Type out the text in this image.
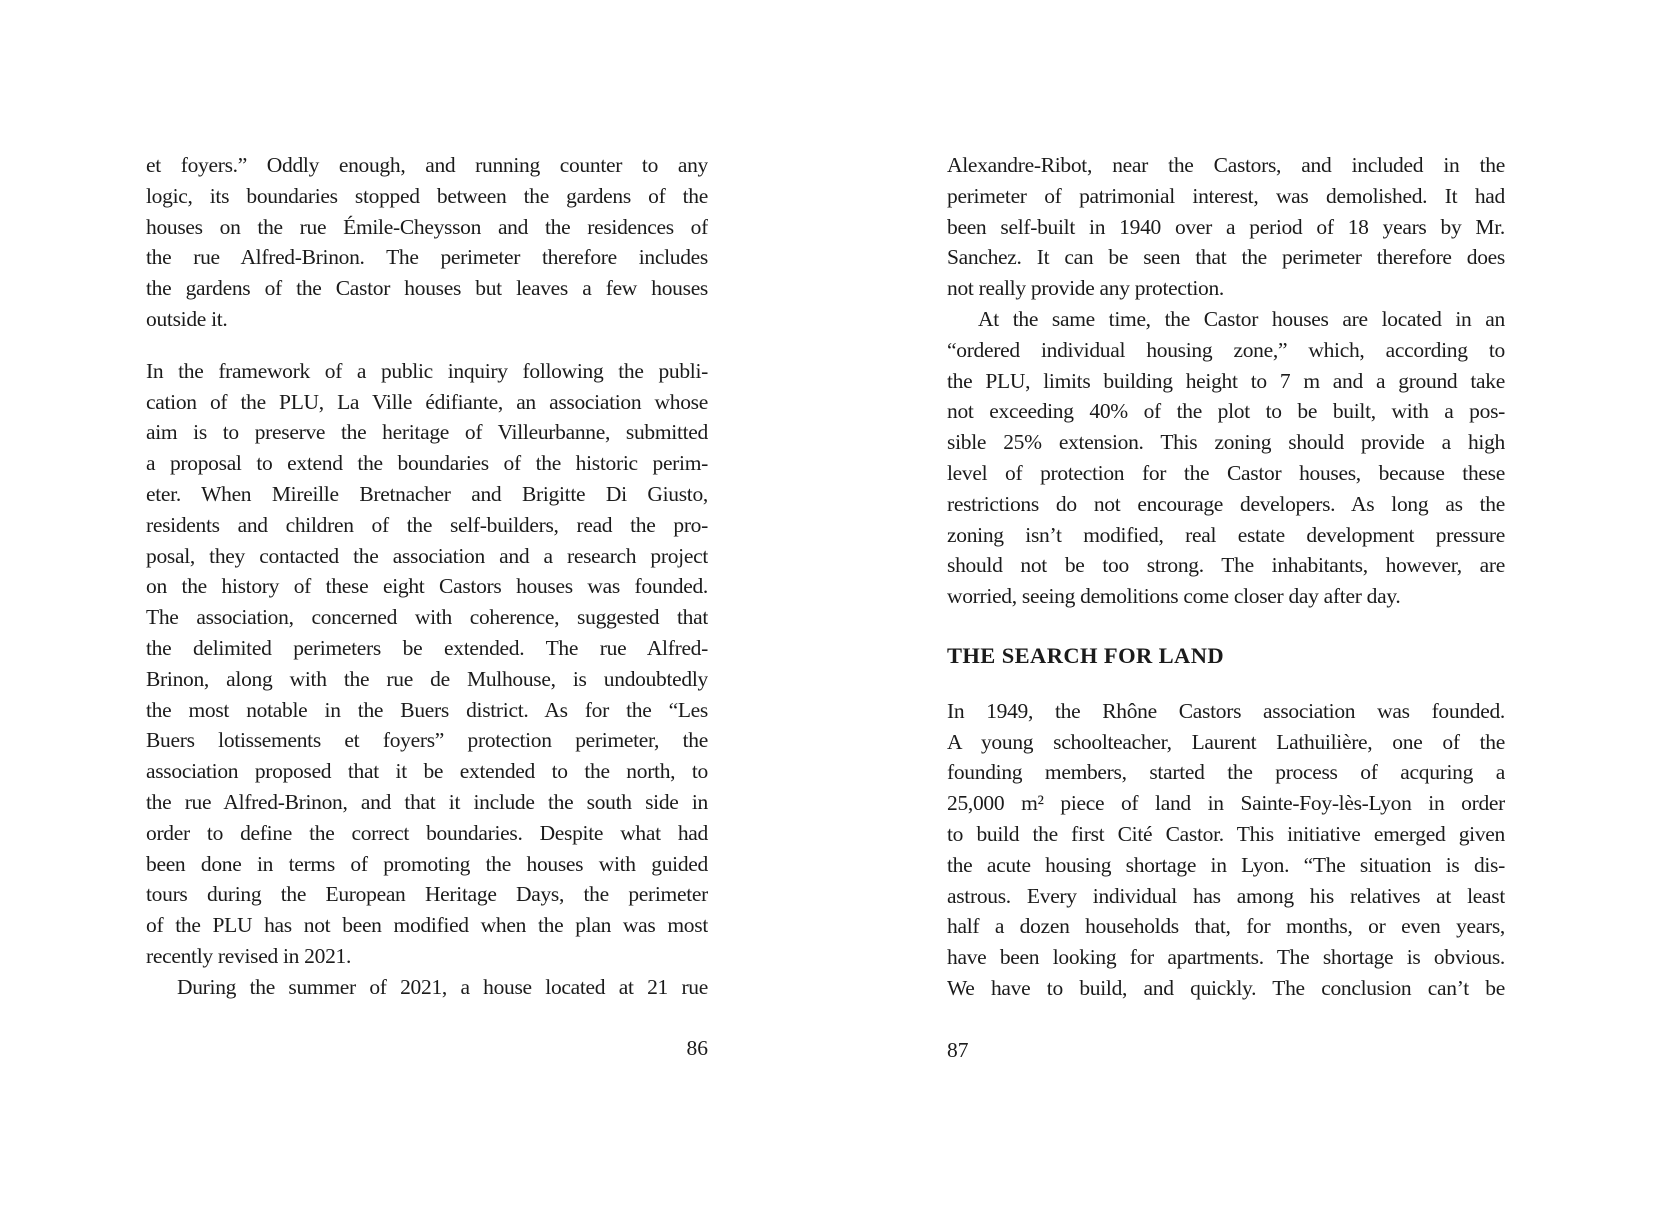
et foyers.” Oddly enough, and running counter to any
logic, its boundaries stopped between the gardens of the
houses on the rue Émile-Cheysson and the residences of
the rue Alfred-Brinon. The perimeter therefore includes
the gardens of the Castor houses but leaves a few houses
outside it.
In the framework of a public inquiry following the publi-
cation of the PLU, La Ville édifiante, an association whose
aim is to preserve the heritage of Villeurbanne, submitted
a proposal to extend the boundaries of the historic perim-
eter. When Mireille Bretnacher and Brigitte Di Giusto,
residents and children of the self-builders, read the pro-
posal, they contacted the association and a research project
on the history of these eight Castors houses was founded.
The association, concerned with coherence, suggested that
the delimited perimeters be extended. The rue Alfred-
Brinon, along with the rue de Mulhouse, is undoubtedly
the most notable in the Buers district. As for the “Les
Buers lotissements et foyers” protection perimeter, the
association proposed that it be extended to the north, to
the rue Alfred-Brinon, and that it include the south side in
order to define the correct boundaries. Despite what had
been done in terms of promoting the houses with guided
tours during the European Heritage Days, the perimeter
of the PLU has not been modified when the plan was most
recently revised in 2021.
During the summer of 2021, a house located at 21 rue
86
Alexandre-Ribot, near the Castors, and included in the
perimeter of patrimonial interest, was demolished. It had
been self-built in 1940 over a period of 18 years by Mr.
Sanchez. It can be seen that the perimeter therefore does
not really provide any protection.
At the same time, the Castor houses are located in an
“ordered individual housing zone,” which, according to
the PLU, limits building height to 7 m and a ground take
not exceeding 40% of the plot to be built, with a pos-
sible 25% extension. This zoning should provide a high
level of protection for the Castor houses, because these
restrictions do not encourage developers. As long as the
zoning isn’t modified, real estate development pressure
should not be too strong. The inhabitants, however, are
worried, seeing demolitions come closer day after day.
THE SEARCH FOR LAND
In 1949, the Rhône Castors association was founded.
A young schoolteacher, Laurent Lathuilière, one of the
founding members, started the process of acquring a
25,000 m² piece of land in Sainte-Foy-lès-Lyon in order
to build the first Cité Castor. This initiative emerged given
the acute housing shortage in Lyon. “The situation is dis-
astrous. Every individual has among his relatives at least
half a dozen households that, for months, or even years,
have been looking for apartments. The shortage is obvious.
We have to build, and quickly. The conclusion can’t be
87
